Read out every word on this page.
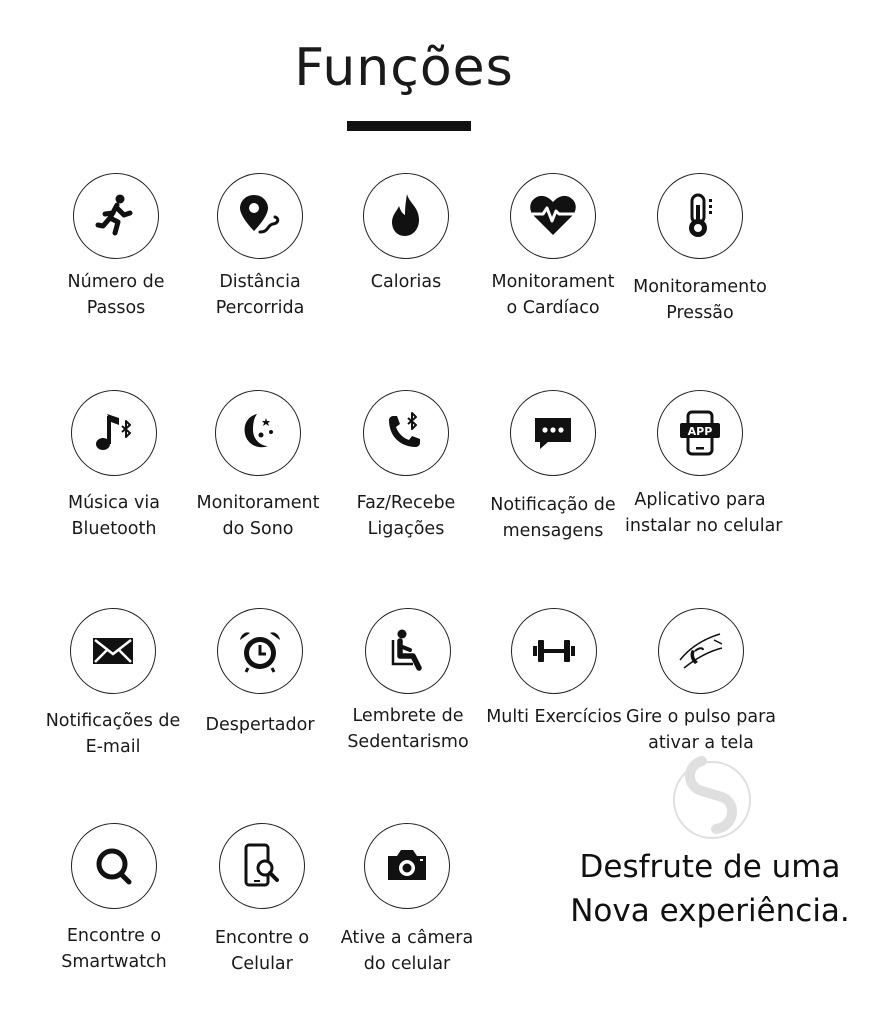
Funções
Número de
Passos
Distância
Percorrida
Calorias	Monitorament
o Cardíaco
Monitoramento
Pressão
Música via
Bluetooth
Monitorament
do Sono
Faz/Recebe
Ligações
Notificação de
mensagens
APP
Aplicativo para
instalar no celular
Notificações de
E-mail
Despertador	Lembrete de
Sedentarismo
Multi Exercícios Gire o pulso para
ativar a tela
Encontre o
Smartwatch
Encontre o
Celular
Ative a câmera
do celular
Desfrute de uma
Nova experiência.
